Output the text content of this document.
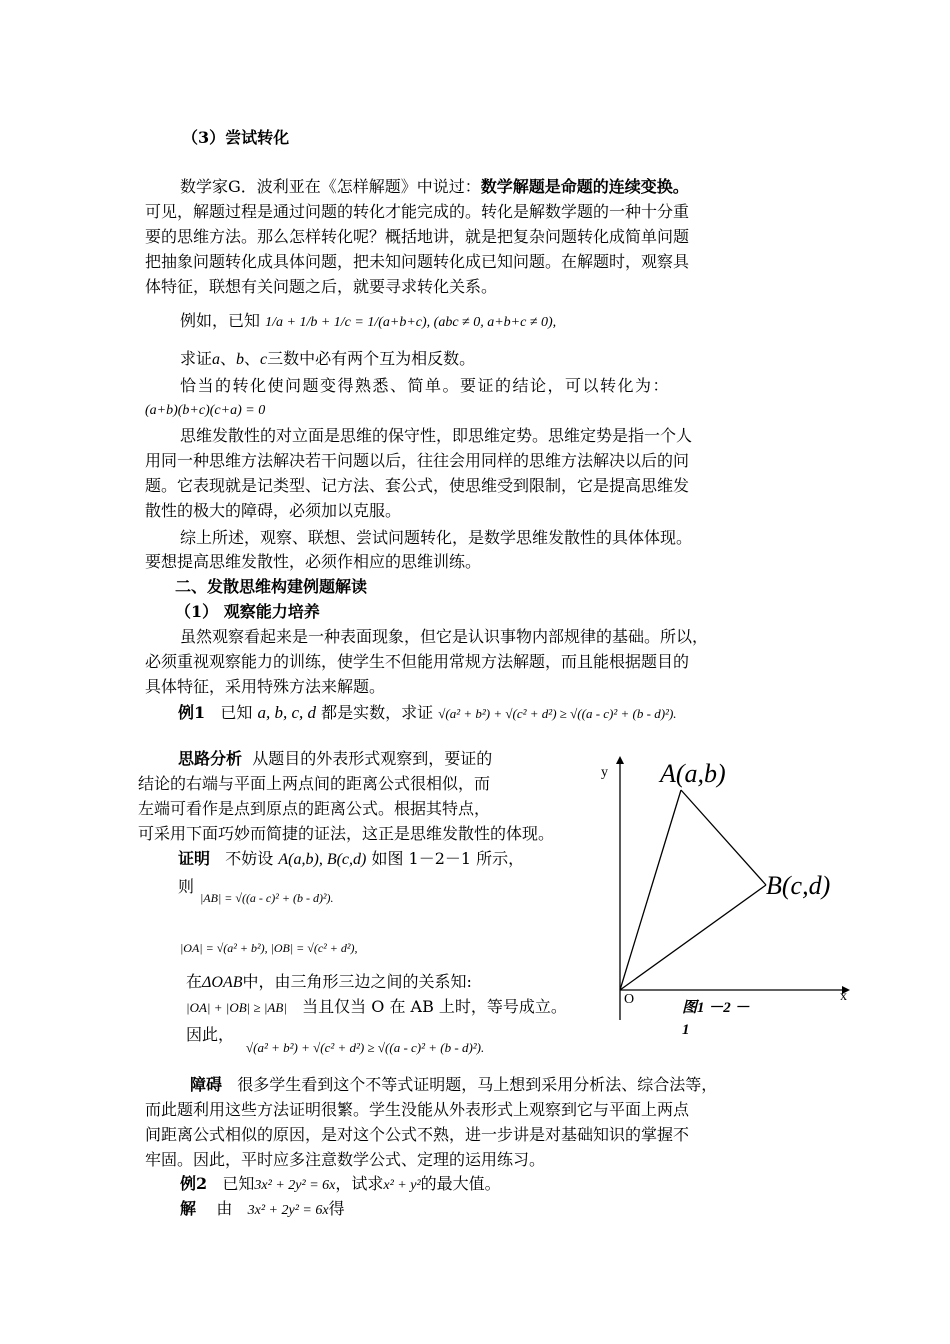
（3）尝试转化
数学家G．波利亚在《怎样解题》中说过：数学解题是命题的连续变换。
可见，解题过程是通过问题的转化才能完成的。转化是解数学题的一种十分重
要的思维方法。那么怎样转化呢？概括地讲，就是把复杂问题转化成简单问题
把抽象问题转化成具体问题，把未知问题转化成已知问题。在解题时，观察具
体特征，联想有关问题之后，就要寻求转化关系。
例如，已知 1/a + 1/b + 1/c = 1/(a+b+c), (abc ≠ 0, a+b+c ≠ 0),
求证a、b、c三数中必有两个互为相反数。
恰当的转化使问题变得熟悉、简单。要证的结论，可以转化为：
(a+b)(b+c)(c+a) = 0
思维发散性的对立面是思维的保守性，即思维定势。思维定势是指一个人
用同一种思维方法解决若干问题以后，往往会用同样的思维方法解决以后的问
题。它表现就是记类型、记方法、套公式，使思维受到限制，它是提高思维发
散性的极大的障碍，必须加以克服。
综上所述，观察、联想、尝试问题转化，是数学思维发散性的具体体现。
要想提高思维发散性，必须作相应的思维训练。
二、发散思维构建例题解读
（1） 观察能力培养
虽然观察看起来是一种表面现象，但它是认识事物内部规律的基础。所以，
必须重视观察能力的训练，使学生不但能用常规方法解题，而且能根据题目的
具体特征，采用特殊方法来解题。
例1 已知 a, b, c, d 都是实数，求证 √(a² + b²) + √(c² + d²) ≥ √((a - c)² + (b - d)²).
思路分析 从题目的外表形式观察到，要证的
结论的右端与平面上两点间的距离公式很相似，而
左端可看作是点到原点的距离公式。根据其特点，
可采用下面巧妙而简捷的证法，这正是思维发散性的体现。
证明 不妨设 A(a,b), B(c,d) 如图 1－2－1 所示，
则
|AB| = √((a - c)² + (b - d)²).
|OA| = √(a² + b²), |OB| = √(c² + d²),
在ΔOAB中，由三角形三边之间的关系知:
|OA| + |OB| ≥ |AB| 当且仅当 O 在 AB 上时，等号成立。
因此，
√(a² + b²) + √(c² + d²) ≥ √((a - c)² + (b - d)²).
A(a,b)
B(c,d)
y
x
O
图1 －2 －
1
障碍 很多学生看到这个不等式证明题，马上想到采用分析法、综合法等，
而此题利用这些方法证明很繁。学生没能从外表形式上观察到它与平面上两点
间距离公式相似的原因，是对这个公式不熟，进一步讲是对基础知识的掌握不
牢固。因此，平时应多注意数学公式、定理的运用练习。
例2 已知3x² + 2y² = 6x，试求x² + y²的最大值。
解 由 3x² + 2y² = 6x得
